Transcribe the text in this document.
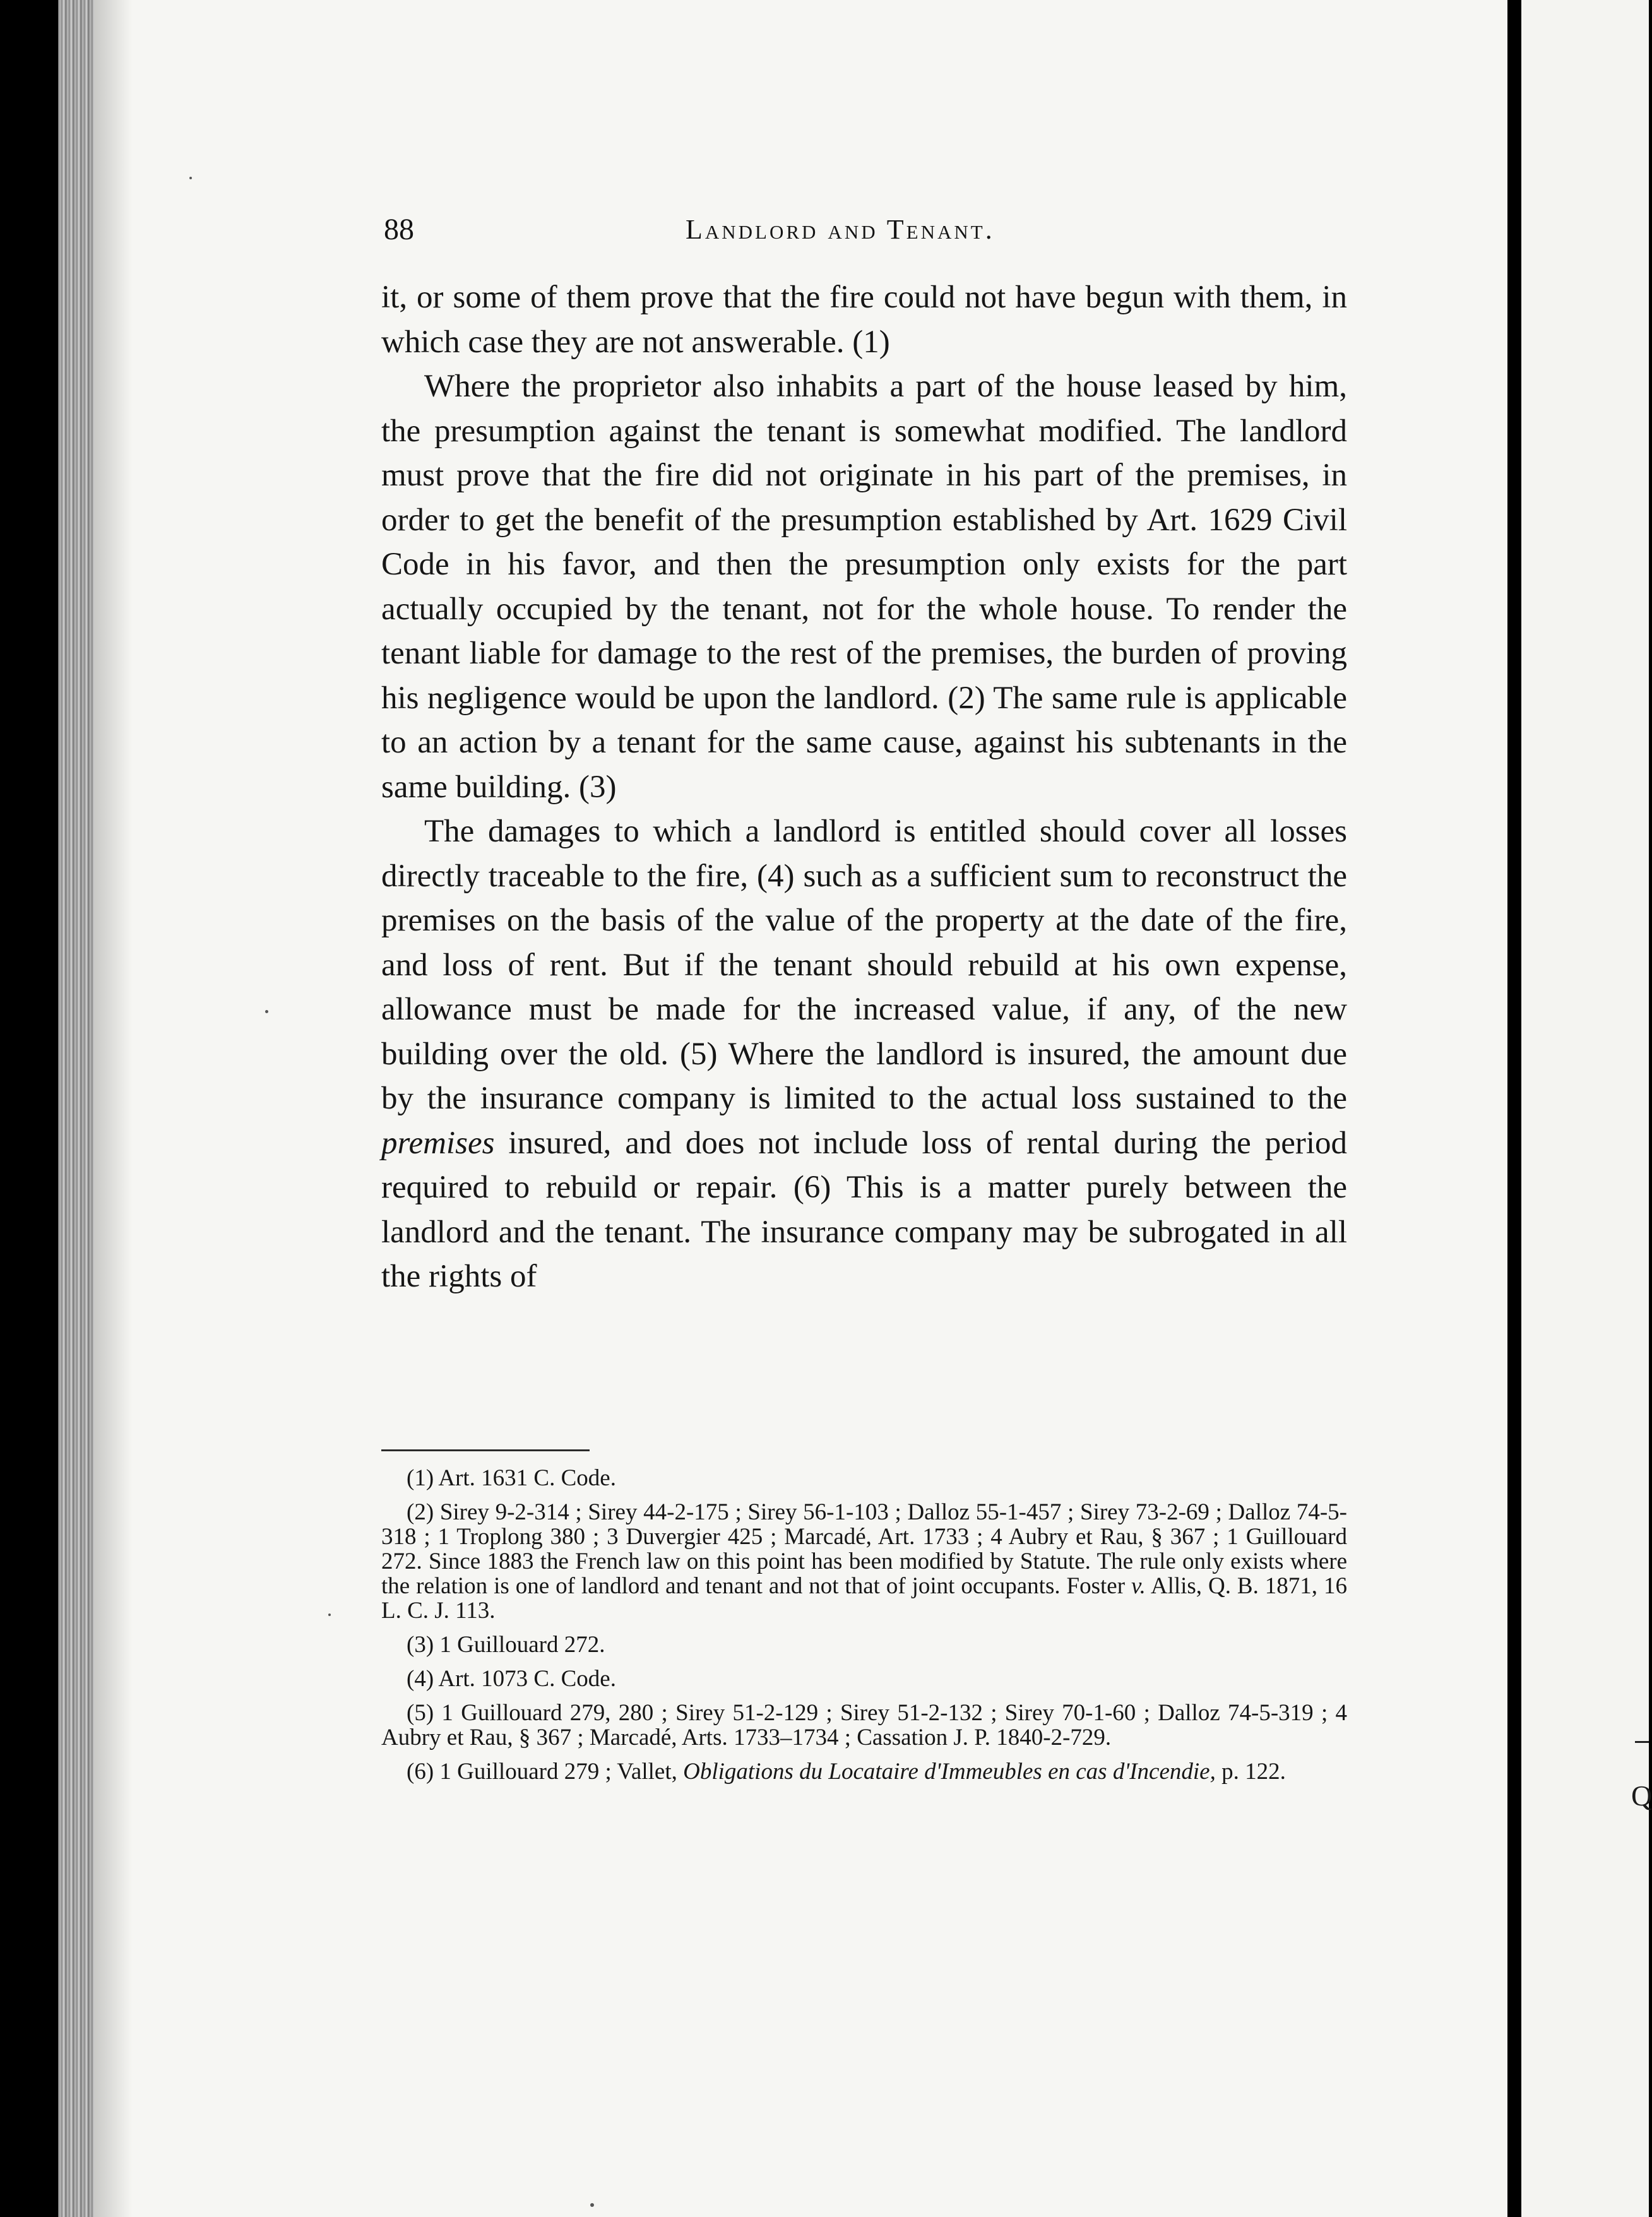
Q
88	Landlord and Tenant.

it, or some of them prove that the fire could not have begun with them, in which case they are not answerable. (1)

Where the proprietor also inhabits a part of the house leased by him, the presumption against the tenant is somewhat modified. The landlord must prove that the fire did not originate in his part of the premises, in order to get the benefit of the presumption established by Art. 1629 Civil Code in his favor, and then the presumption only exists for the part actually occupied by the tenant, not for the whole house. To render the tenant liable for damage to the rest of the premises, the burden of proving his negligence would be upon the landlord. (2) The same rule is applicable to an action by a tenant for the same cause, against his subtenants in the same building. (3)

The damages to which a landlord is entitled should cover all losses directly traceable to the fire, (4) such as a sufficient sum to reconstruct the premises on the basis of the value of the property at the date of the fire, and loss of rent. But if the tenant should rebuild at his own expense, allowance must be made for the increased value, if any, of the new building over the old. (5) Where the landlord is insured, the amount due by the insurance company is limited to the actual loss sustained to the premises insured, and does not include loss of rental during the period required to rebuild or repair. (6) This is a matter purely between the landlord and the tenant. The insurance company may be subrogated in all the rights of

(1) Art. 1631 C. Code.

(2) Sirey 9-2-314 ; Sirey 44-2-175 ; Sirey 56-1-103 ; Dalloz 55-1-457 ; Sirey 73-2-69 ; Dalloz 74-5-318 ; 1 Troplong 380 ; 3 Duvergier 425 ; Marcadé, Art. 1733 ; 4 Aubry et Rau, § 367 ; 1 Guillouard 272. Since 1883 the French law on this point has been modified by Statute. The rule only exists where the relation is one of landlord and tenant and not that of joint occupants. Foster v. Allis, Q. B. 1871, 16 L. C. J. 113.

(3) 1 Guillouard 272.

(4) Art. 1073 C. Code.

(5) 1 Guillouard 279, 280 ; Sirey 51-2-129 ; Sirey 51-2-132 ; Sirey 70-1-60 ; Dalloz 74-5-319 ; 4 Aubry et Rau, § 367 ; Marcadé, Arts. 1733–1734 ; Cassation J. P. 1840-2-729.

(6) 1 Guillouard 279 ; Vallet, Obligations du Locataire d'Immeubles en cas d'Incendie, p. 122.
